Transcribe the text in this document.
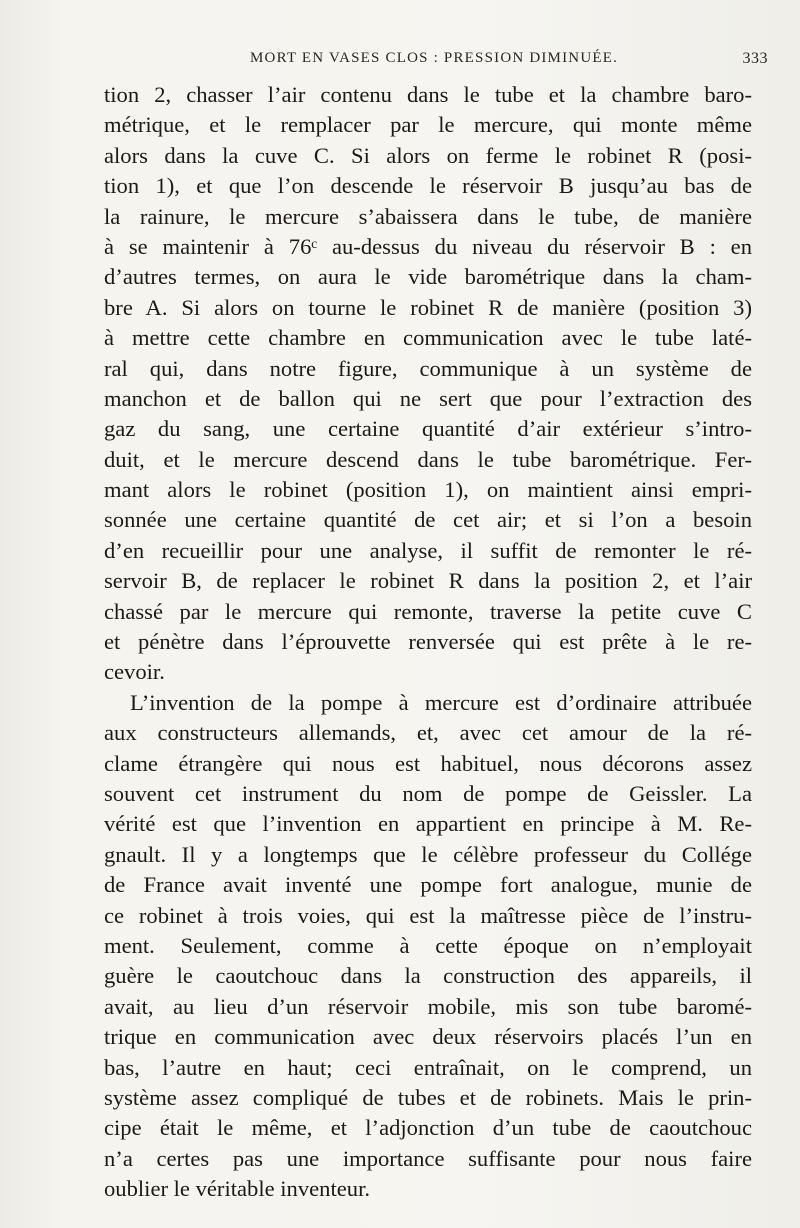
MORT EN VASES CLOS : PRESSION DIMINUÉE.	333
tion 2, chasser l’air contenu dans le tube et la chambre baro-
métrique, et le remplacer par le mercure, qui monte même
alors dans la cuve C. Si alors on ferme le robinet R (posi-
tion 1), et que l’on descende le réservoir B jusqu’au bas de
la rainure, le mercure s’abaissera dans le tube, de manière
à se maintenir à 76ᶜ au-dessus du niveau du réservoir B : en
d’autres termes, on aura le vide barométrique dans la cham-
bre A. Si alors on tourne le robinet R de manière (position 3)
à mettre cette chambre en communication avec le tube laté-
ral qui, dans notre figure, communique à un système de
manchon et de ballon qui ne sert que pour l’extraction des
gaz du sang, une certaine quantité d’air extérieur s’intro-
duit, et le mercure descend dans le tube barométrique. Fer-
mant alors le robinet (position 1), on maintient ainsi empri-
sonnée une certaine quantité de cet air; et si l’on a besoin
d’en recueillir pour une analyse, il suffit de remonter le ré-
servoir B, de replacer le robinet R dans la position 2, et l’air
chassé par le mercure qui remonte, traverse la petite cuve C
et pénètre dans l’éprouvette renversée qui est prête à le re-
cevoir.
L’invention de la pompe à mercure est d’ordinaire attribuée
aux constructeurs allemands, et, avec cet amour de la ré-
clame étrangère qui nous est habituel, nous décorons assez
souvent cet instrument du nom de pompe de Geissler. La
vérité est que l’invention en appartient en principe à M. Re-
gnault. Il y a longtemps que le célèbre professeur du Collége
de France avait inventé une pompe fort analogue, munie de
ce robinet à trois voies, qui est la maîtresse pièce de l’instru-
ment. Seulement, comme à cette époque on n’employait
guère le caoutchouc dans la construction des appareils, il
avait, au lieu d’un réservoir mobile, mis son tube baromé-
trique en communication avec deux réservoirs placés l’un en
bas, l’autre en haut; ceci entraînait, on le comprend, un
système assez compliqué de tubes et de robinets. Mais le prin-
cipe était le même, et l’adjonction d’un tube de caoutchouc
n’a certes pas une importance suffisante pour nous faire
oublier le véritable inventeur.
